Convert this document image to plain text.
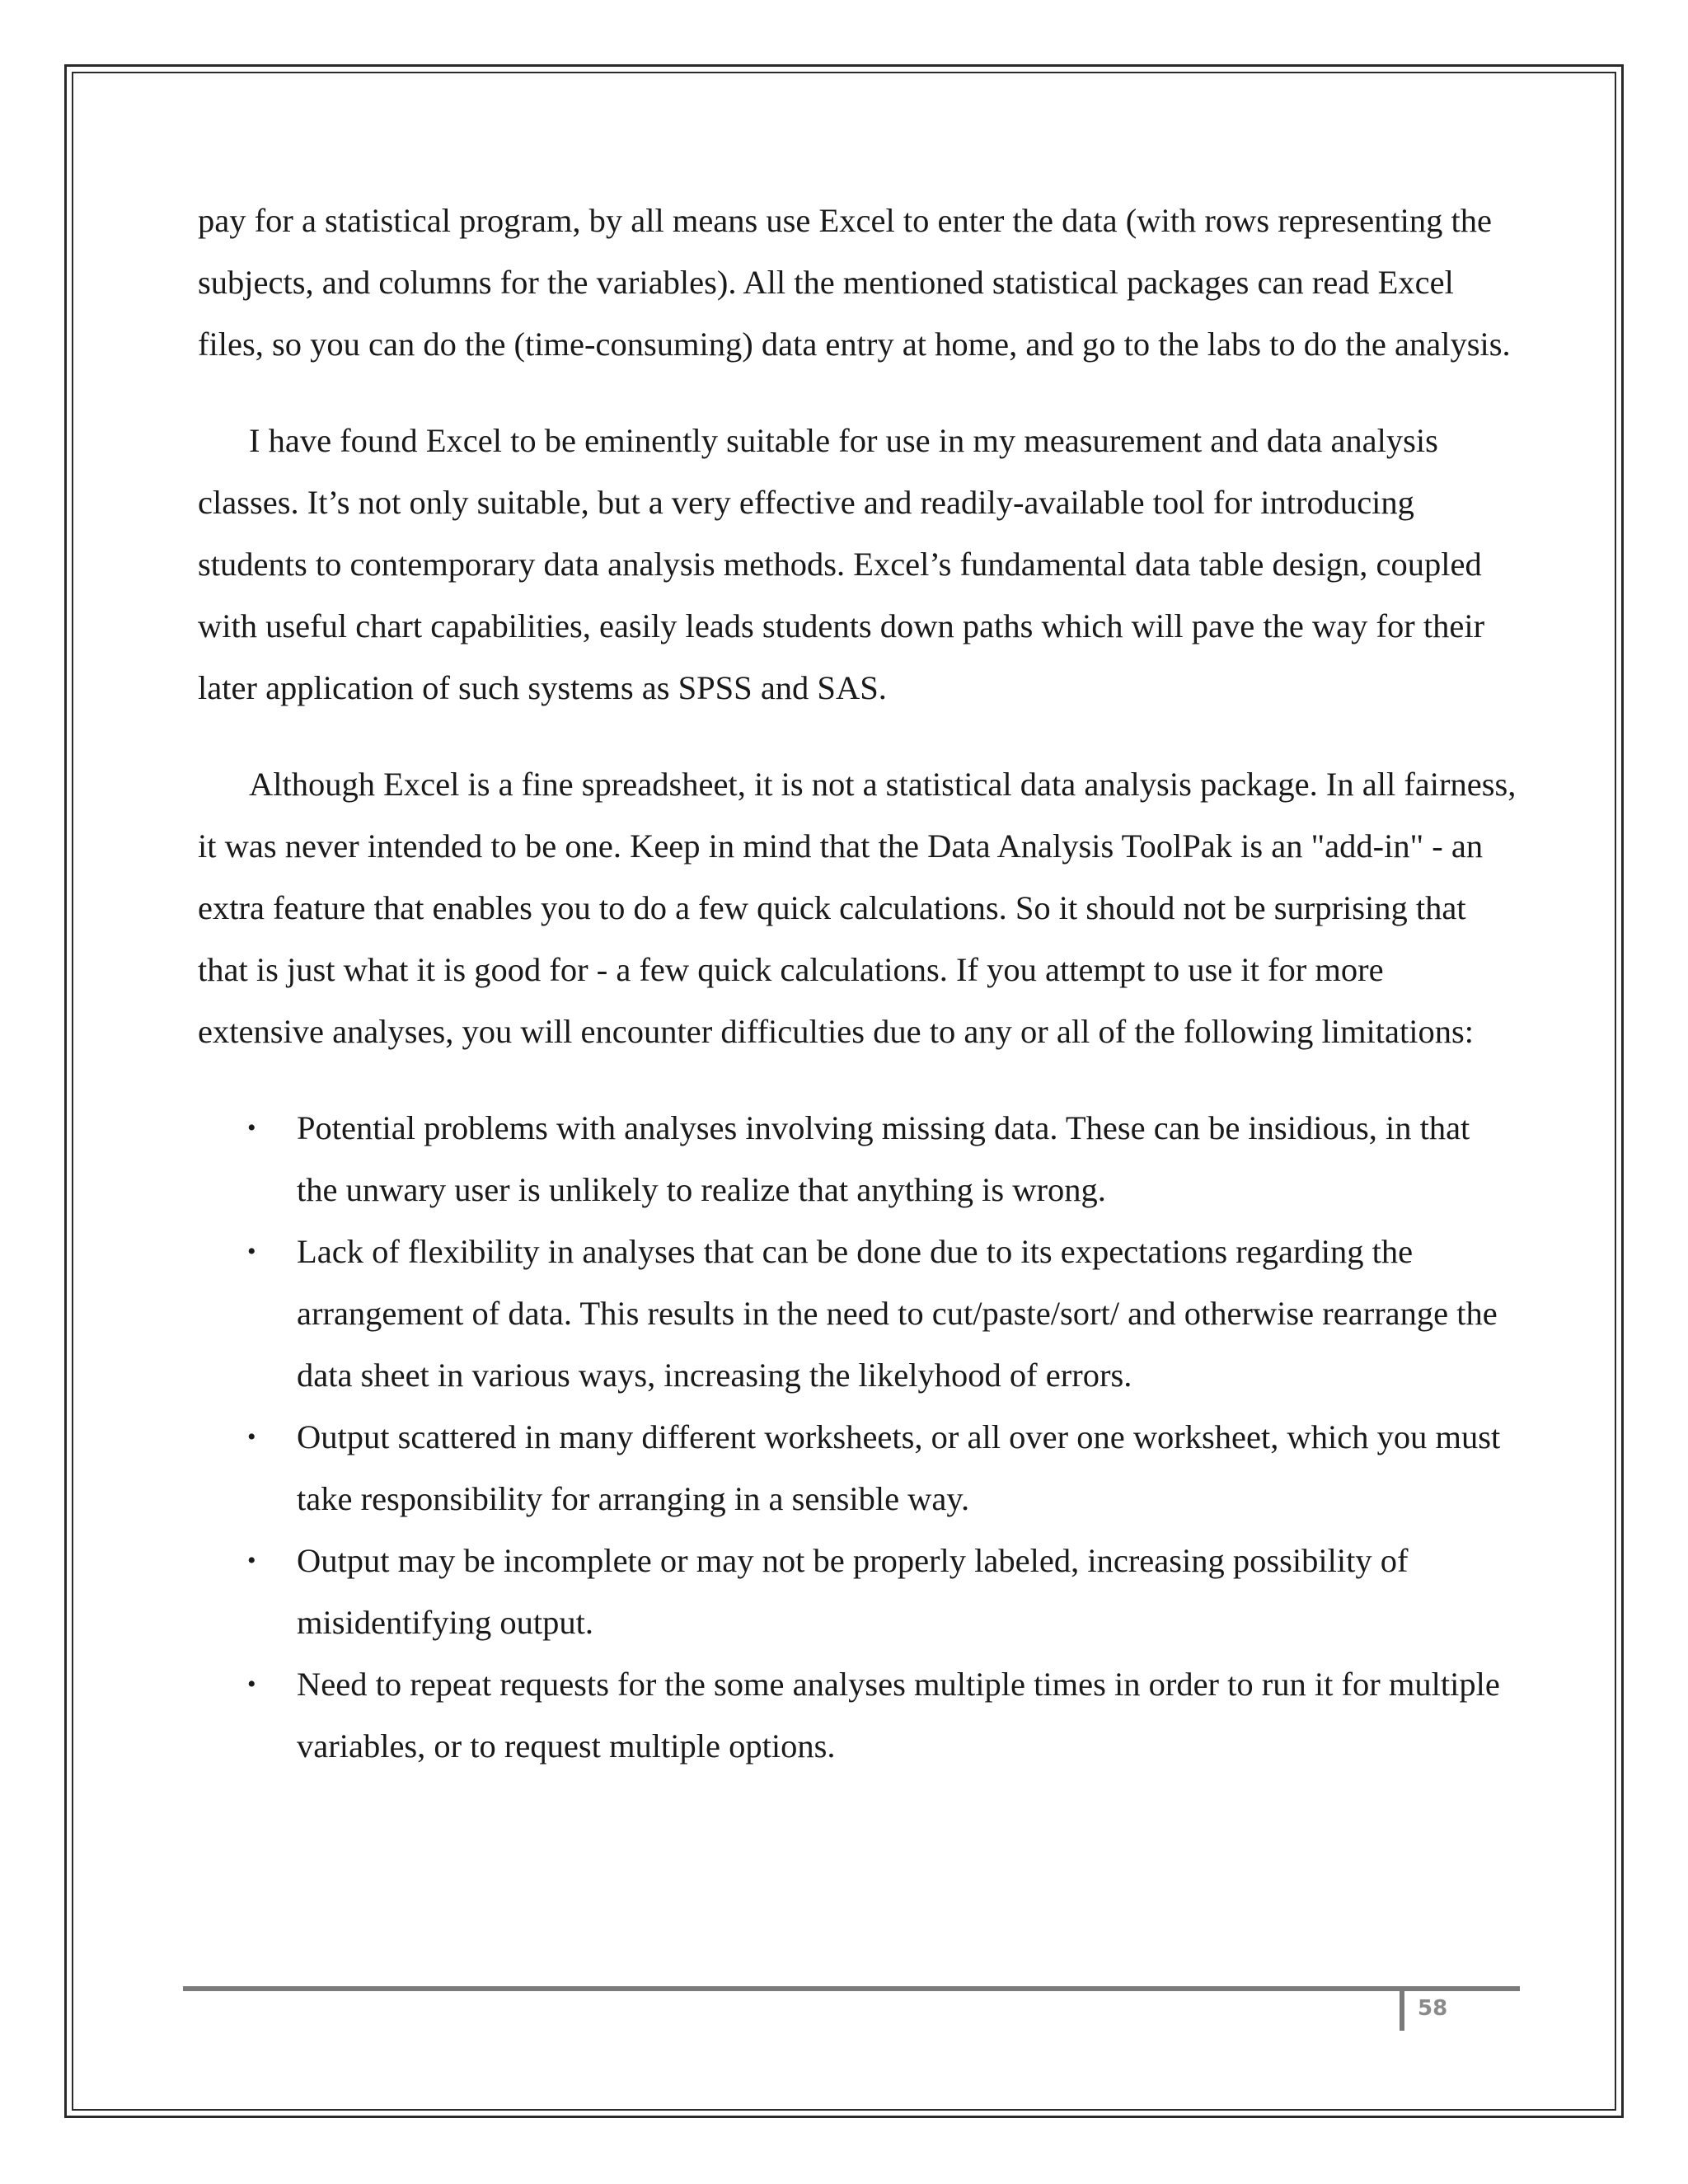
pay for a statistical program, by all means use Excel to enter the data (with rows representing the subjects, and columns for the variables). All the mentioned statistical packages can read Excel files, so you can do the (time-consuming) data entry at home, and go to the labs to do the analysis.

I have found Excel to be eminently suitable for use in my measurement and data analysis classes. It’s not only suitable, but a very effective and readily-available tool for introducing students to contemporary data analysis methods. Excel’s fundamental data table design, coupled with useful chart capabilities, easily leads students down paths which will pave the way for their later application of such systems as SPSS and SAS.

Although Excel is a fine spreadsheet, it is not a statistical data analysis package. In all fairness, it was never intended to be one. Keep in mind that the Data Analysis ToolPak is an "add-in" - an extra feature that enables you to do a few quick calculations. So it should not be surprising that that is just what it is good for - a few quick calculations. If you attempt to use it for more extensive analyses, you will encounter difficulties due to any or all of the following limitations:

• Potential problems with analyses involving missing data. These can be insidious, in that the unwary user is unlikely to realize that anything is wrong.
• Lack of flexibility in analyses that can be done due to its expectations regarding the arrangement of data. This results in the need to cut/paste/sort/ and otherwise rearrange the data sheet in various ways, increasing the likelyhood of errors.
• Output scattered in many different worksheets, or all over one worksheet, which you must take responsibility for arranging in a sensible way.
• Output may be incomplete or may not be properly labeled, increasing possibility of misidentifying output.
• Need to repeat requests for the some analyses multiple times in order to run it for multiple variables, or to request multiple options.
58
